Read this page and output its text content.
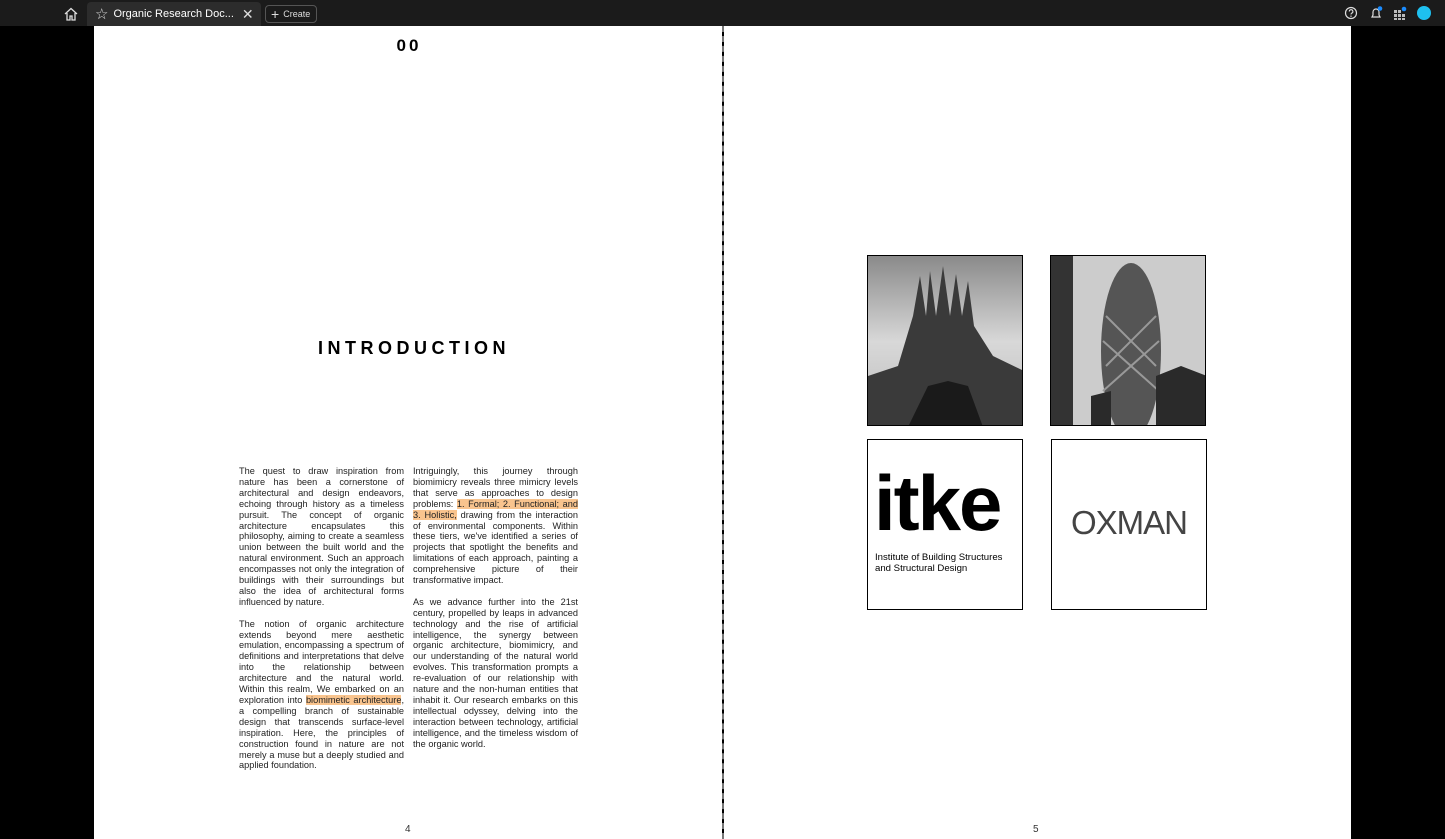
☆ Organic Research Doc... ✕ + Create
00
INTRODUCTION

The quest to draw inspiration from nature has been a cornerstone of architectural and design endeavors, echoing through history as a timeless pursuit. The concept of organic architecture encapsulates this philosophy, aiming to create a seamless union between the built world and the natural environment. Such an approach encompasses not only the integration of buildings with their surroundings but also the idea of architectural forms influenced by nature.

The notion of organic architecture extends beyond mere aesthetic emulation, encompassing a spectrum of definitions and interpretations that delve into the relationship between architecture and the natural world. Within this realm, We embarked on an exploration into biomimetic architecture, a compelling branch of sustainable design that transcends surface-level inspiration. Here, the principles of construction found in nature are not merely a muse but a deeply studied and applied foundation.

Intriguingly, this journey through biomimicry reveals three mimicry levels that serve as approaches to design problems: 1. Formal; 2. Functional; and 3. Holistic, drawing from the interaction of environmental components. Within these tiers, we've identified a series of projects that spotlight the benefits and limitations of each approach, painting a comprehensive picture of their transformative impact.

As we advance further into the 21st century, propelled by leaps in advanced technology and the rise of artificial intelligence, the synergy between organic architecture, biomimicry, and our understanding of the natural world evolves. This transformation prompts a re-evaluation of our relationship with nature and the non-human entities that inhabit it. Our research embarks on this intellectual odyssey, delving into the interaction between technology, artificial intelligence, and the timeless wisdom of the organic world.

4
itke
Institute of Building Structures and Structural Design
OXMAN
5
